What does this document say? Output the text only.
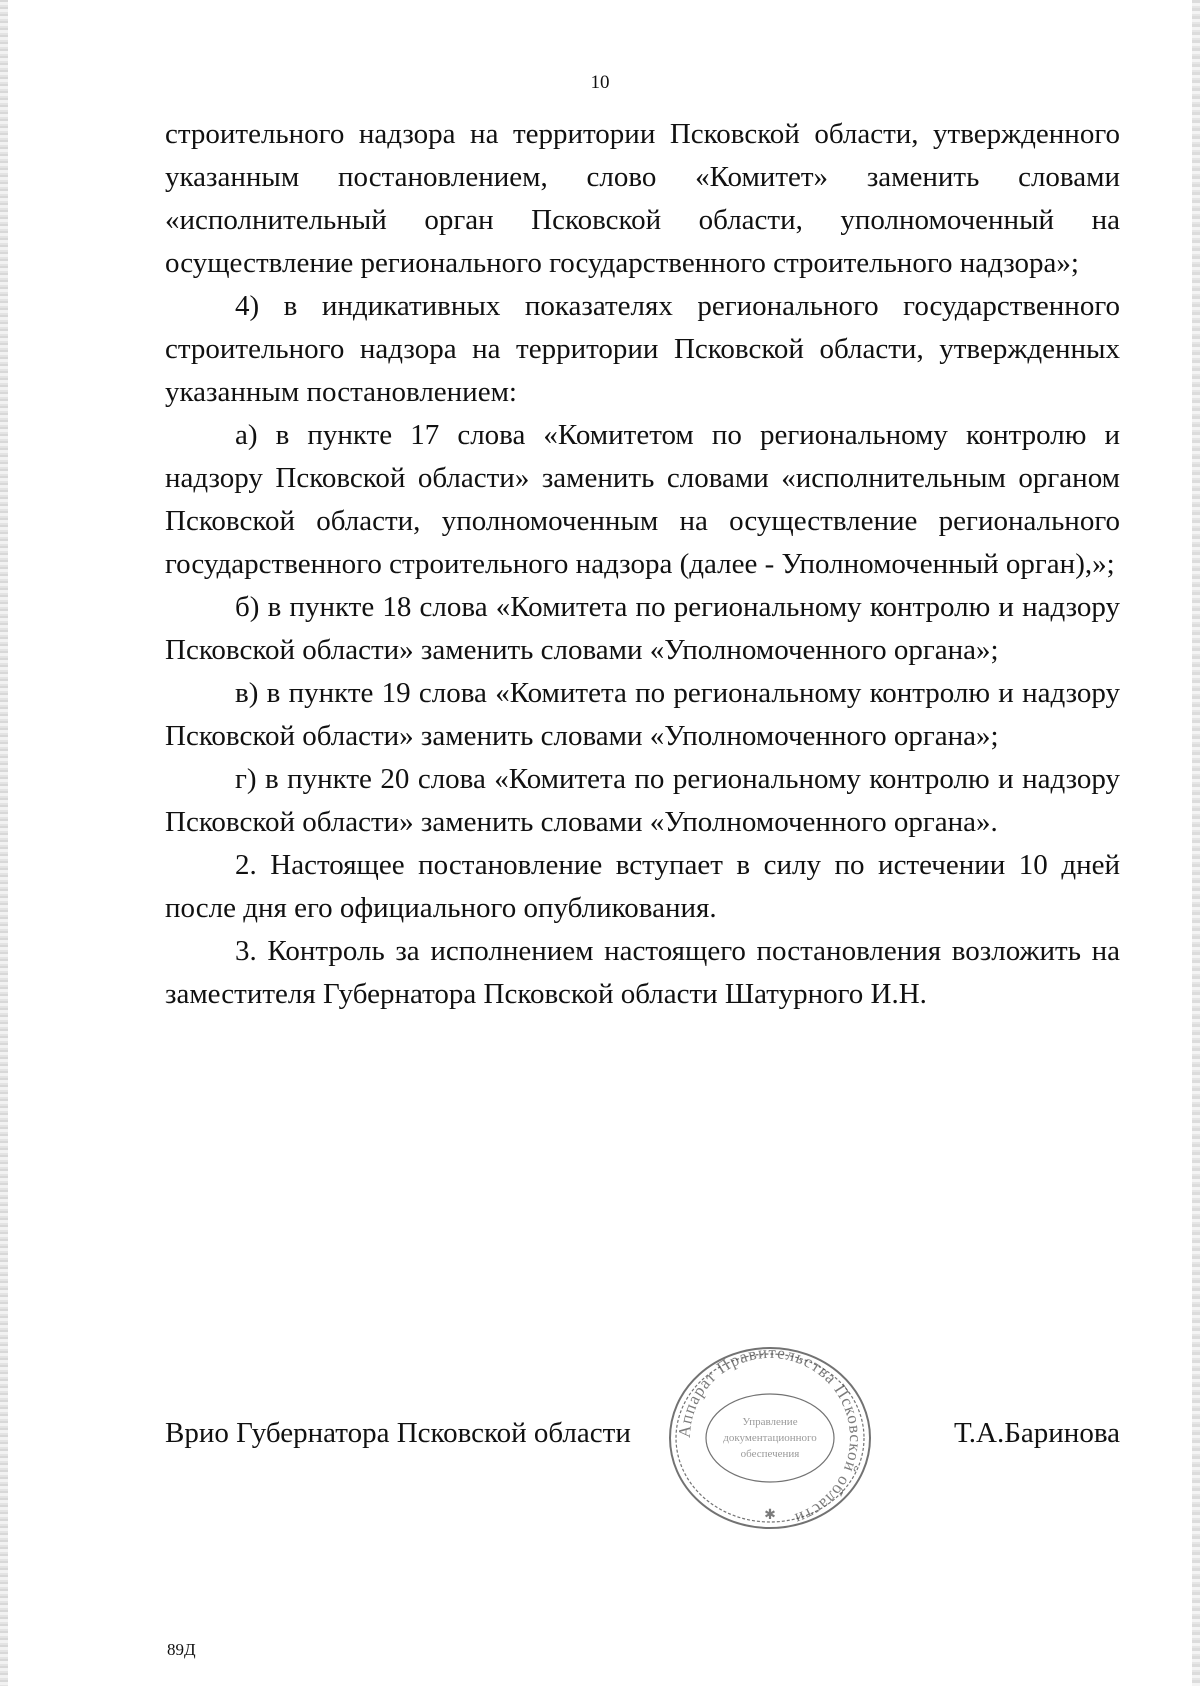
10

строительного надзора на территории Псковской области, утвержденного указанным постановлением, слово «Комитет» заменить словами «исполнительный орган Псковской области, уполномоченный на осуществление регионального государственного строительного надзора»;

4) в индикативных показателях регионального государственного строительного надзора на территории Псковской области, утвержденных указанным постановлением:

а) в пункте 17 слова «Комитетом по региональному контролю и надзору Псковской области» заменить словами «исполнительным органом Псковской области, уполномоченным на осуществление регионального государственного строительного надзора (далее - Уполномоченный орган),»;

б) в пункте 18 слова «Комитета по региональному контролю и надзору Псковской области» заменить словами «Уполномоченного органа»;

в) в пункте 19 слова «Комитета по региональному контролю и надзору Псковской области» заменить словами «Уполномоченного органа»;

г) в пункте 20 слова «Комитета по региональному контролю и надзору Псковской области» заменить словами «Уполномоченного органа».

2. Настоящее постановление вступает в силу по истечении 10 дней после дня его официального опубликования.

3. Контроль за исполнением настоящего постановления возложить на заместителя Губернатора Псковской области Шатурного И.Н.

Врио Губернатора Псковской области	Т.А.Баринова
Аппарат Правительства Псковской области
Управление
документационного
обеспечения
✱
89Д
